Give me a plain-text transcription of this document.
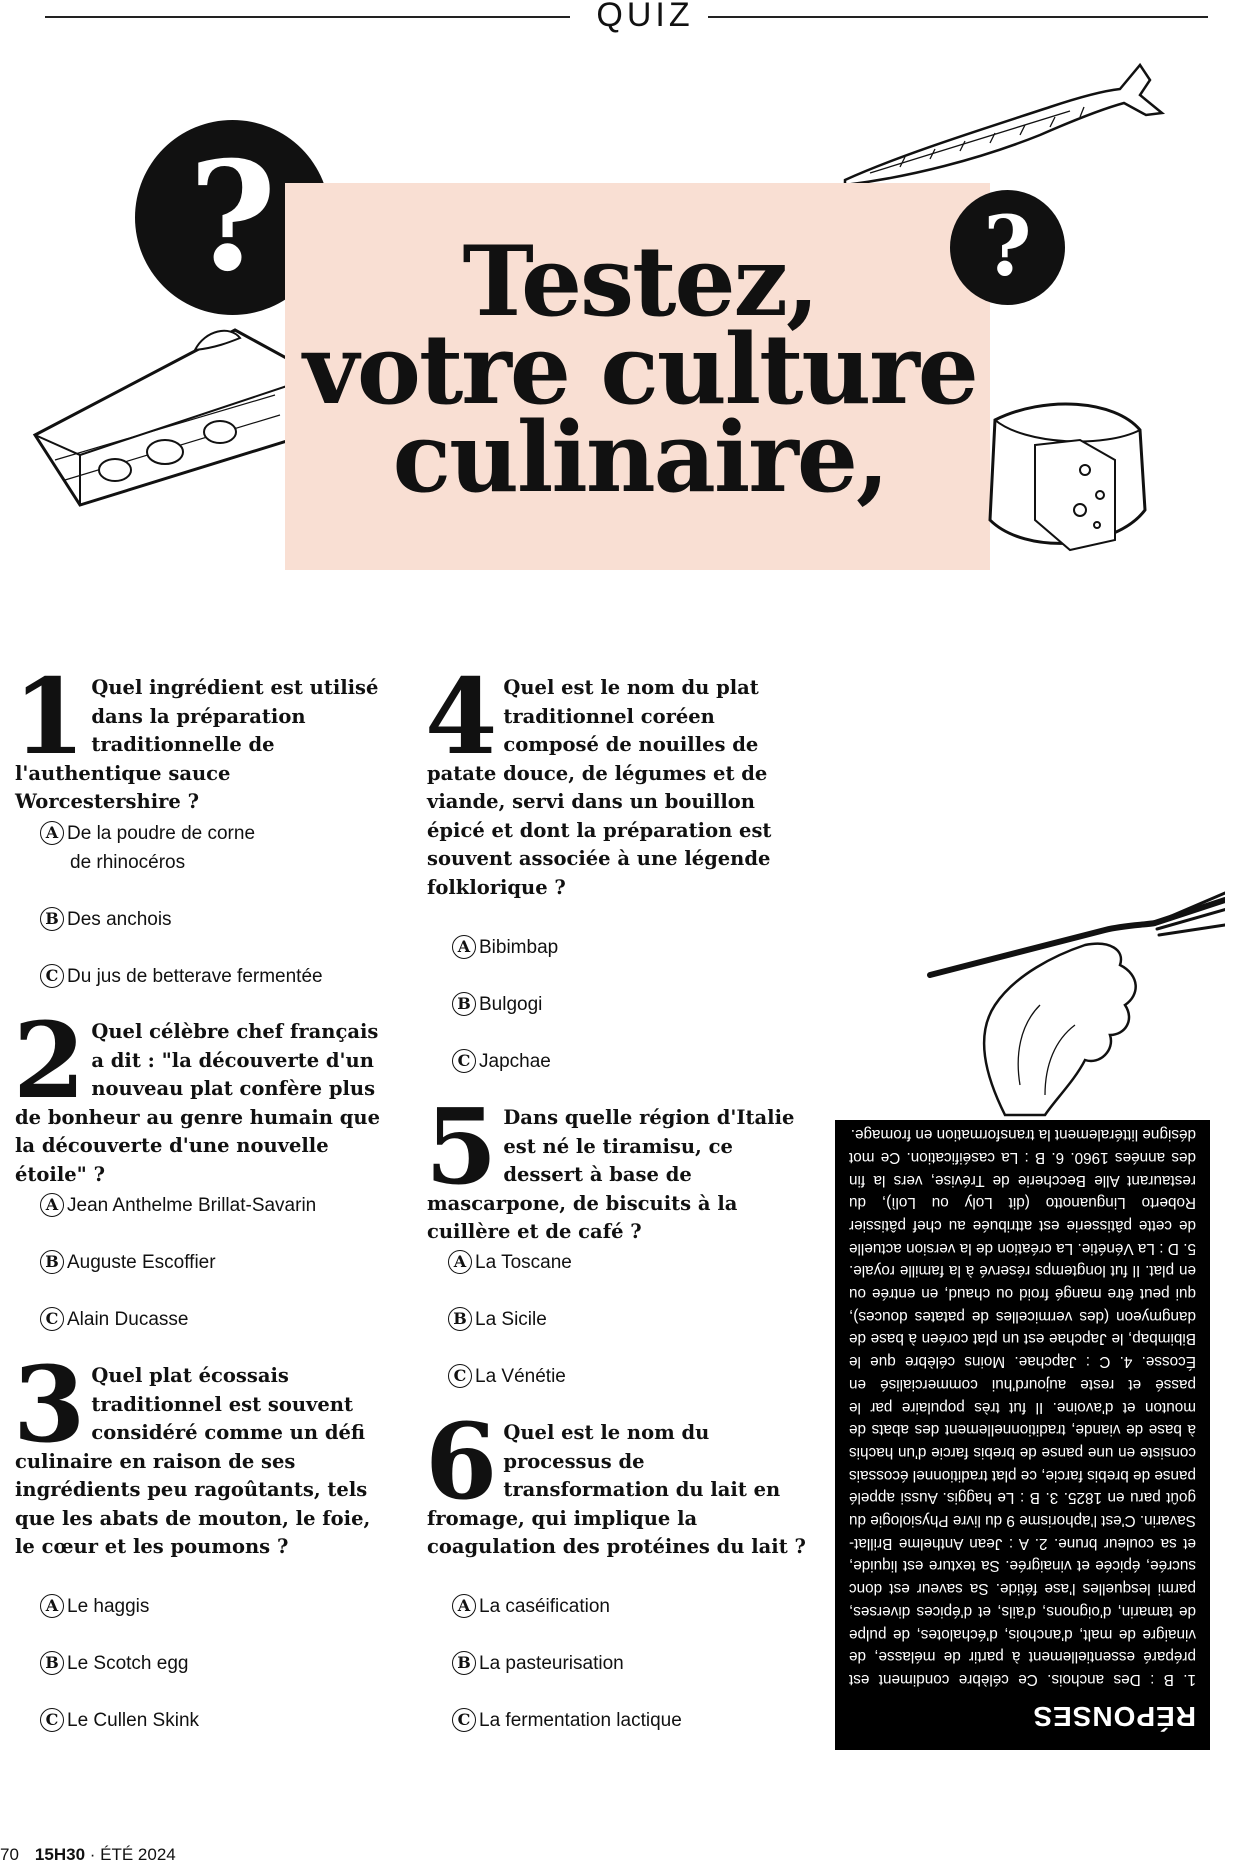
QUIZ
?	Testez,
votre culture
culinaire,
?
1 Quel ingrédient est utilisé dans la préparation traditionnelle de l'authentique sauce Worcestershire ?
A De la poudre de corne
de rhinocéros
B Des anchois
C Du jus de betterave fermentée
2 Quel célèbre chef français a dit : "la découverte d'un nouveau plat confère plus de bonheur au genre humain que la découverte d'une nouvelle étoile" ?
A Jean Anthelme Brillat-Savarin
B Auguste Escoffier
C Alain Ducasse
3 Quel plat écossais traditionnel est souvent considéré comme un défi culinaire en raison de ses ingrédients peu ragoûtants, tels que les abats de mouton, le foie, le cœur et les poumons ?
A Le haggis
B Le Scotch egg
C Le Cullen Skink
4 Quel est le nom du plat traditionnel coréen composé de nouilles de patate douce, de légumes et de viande, servi dans un bouillon épicé et dont la préparation est souvent associée à une légende folklorique ?
A Bibimbap
B Bulgogi
C Japchae
5 Dans quelle région d'Italie est né le tiramisu, ce dessert à base de mascarpone, de biscuits à la cuillère et de café ?
A La Toscane
B La Sicile
C La Vénétie
6 Quel est le nom du processus de transformation du lait en fromage, qui implique la coagulation des protéines du lait ?
A La caséification
B La pasteurisation
C La fermentation lactique	RÉPONSES

1. B : Des anchois. Ce célèbre condiment est préparé essentiellement à partir de mélasse, de vinaigre de malt, d'anchois, d'échalotes, de pulpe de tamarin, d'oignons, d'ails, et d'épices diverses, parmi lesquelles l'ase fétide. Sa saveur est donc sucrée, épicée et vinaigrée. Sa texture est liquide, et sa couleur brune. 2. A : Jean Anthelme Brillat-Savarin. C'est l'aphorisme 9 du livre Physiologie du goût paru en 1825. 3. B : Le haggis. Aussi appelé panse de brebis farcie, ce plat traditionnel écossais consiste en une panse de brebis farcie d'un hachis à base de viande, traditionnellement des abats de mouton et d'avoine. Il fut très populaire par le passé et reste aujourd'hui commercialisé en Écosse. 4. C : Japchae. Moins célèbre que le Bibimbap, le Japchae est un plat coréen à base de dangmyeon (des vermicelles de patates douces), qui peut être mangé froid ou chaud, en entrée ou en plat. Il fut longtemps réservé à la famille royale. 5. D : La Vénétie. La création de la version actuelle de cette pâtisserie est attribuée au chef pâtissier Roberto Linguanotto (dit Loly ou Lolì), du restaurant Alle Beccherie de Trévise, vers la fin des années 1960. 6. B : La caséification. Ce mot désigne littéralement la transformation en fromage.

70 15H30 · ÉTÉ 2024
